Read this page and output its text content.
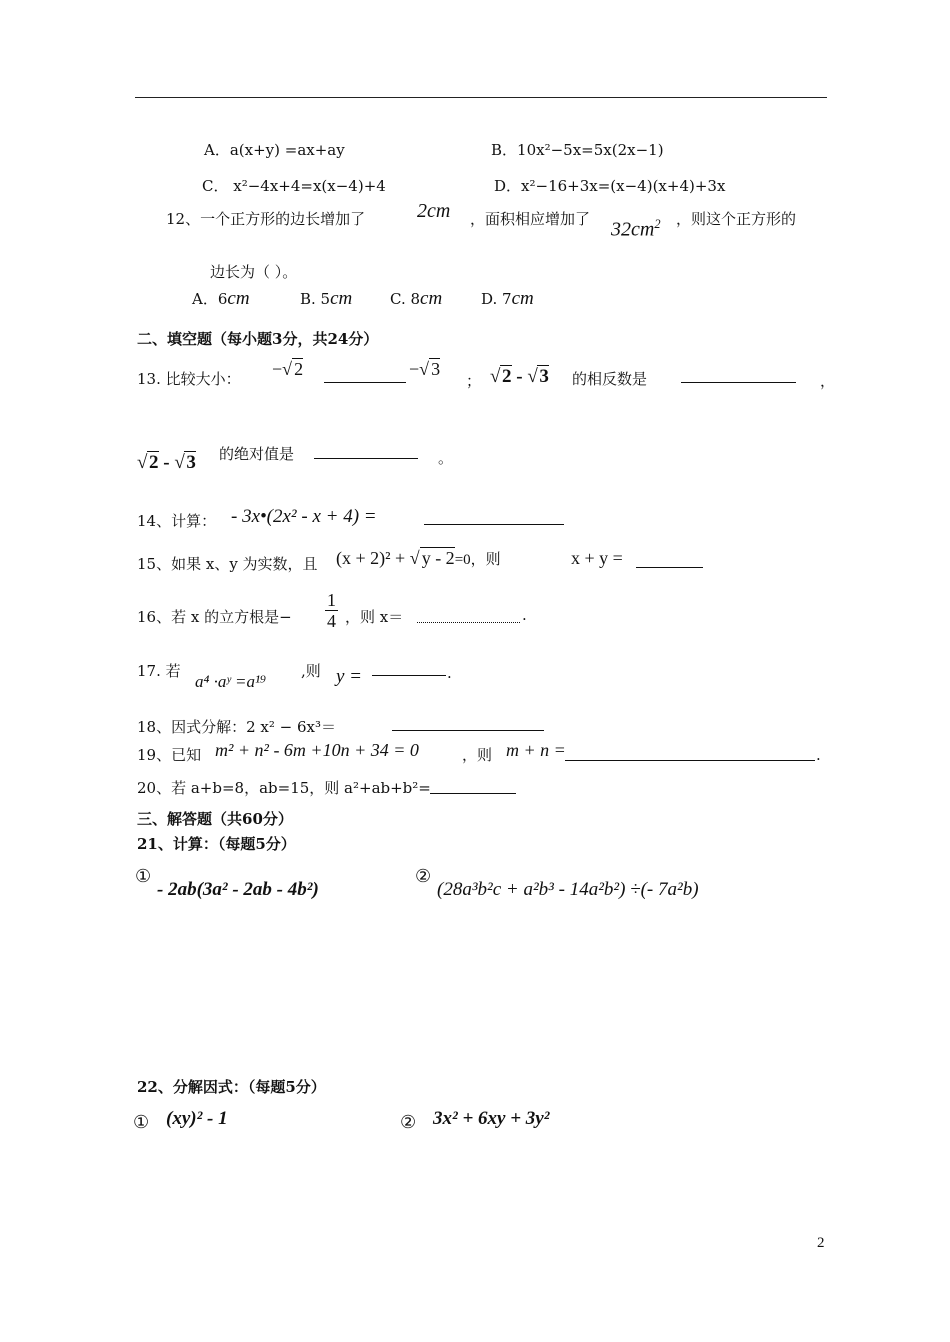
A．a(x+y) =ax+ay	B．10x²−5x=5x(2x−1)
C． x²−4x+4=x(x−4)+4	D．x²−16+3x=(x−4)(x+4)+3x
12、一个正方形的边长增加了	2cm ，面积相应增加了 $32cm^2$ ，则这个正方形的
边长为（ ）。
A．6cm	B. 5cm	C. 8cm	D. 7cm
二、填空题（每小题3分，共24分）
13. 比较大小： − √ 2	− √ 3
； √ 2 - √ 3 的相反数是	，
√ 2 - √ 3 的绝对值是	。
14、计算： - 3x•(2x² - x + 4) =
15、如果 x、y 为实数，且 (x + 2)² + √ y - 2=0，则	x + y =
16、若 x 的立方根是− $\frac{1}{4}$ ，则 x＝	.
17. 若
a⁴ ·aʸ =a¹⁹
,则 y =	.
18、因式分解：2 x² − 6x³＝
19、已知 m² + n² - 6m +10n + 34 = 0	，则 m + n =	.
20、若 a+b=8，ab=15，则 a²+ab+b²=
三、解答题（共60分）
21、计算：（每题5分）
①
- 2ab(3a² - 2ab - 4b²)
②
(28a³b²c + a²b³ - 14a²b²) ÷(- 7a²b)
22、分解因式：（每题5分）
① (xy)² - 1	② 3x² + 6xy + 3y²
2
